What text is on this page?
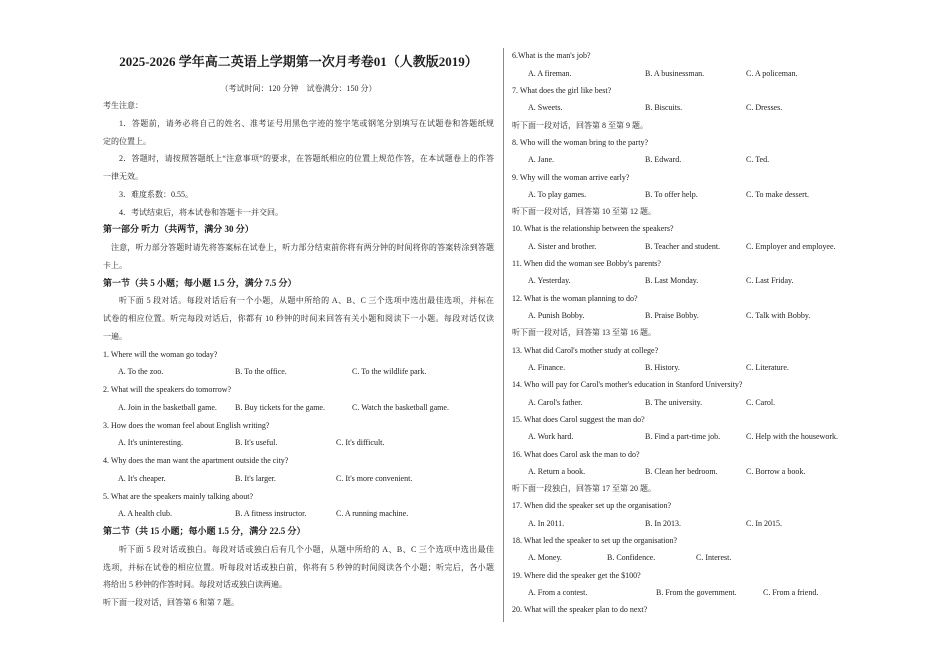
2025-2026 学年高二英语上学期第一次月考卷01（人教版2019）
（考试时间：120 分钟　试卷满分：150 分）
考生注意：
1．答题前，请务必将自己的姓名、准考证号用黑色字迹的签字笔或钢笔分别填写在试题卷和答题纸规
定的位置上。
2．答题时，请按照答题纸上“注意事项”的要求，在答题纸相应的位置上规范作答，在本试题卷上的作答
一律无效。
3．难度系数：0.55。
4．考试结束后，将本试卷和答题卡一并交回。
第一部分 听力（共两节，满分 30 分）
注意，听力部分答题时请先将答案标在试卷上，听力部分结束前你将有两分钟的时间将你的答案转涂到答题
卡上。
第一节（共 5 小题；每小题 1.5 分，满分 7.5 分）
听下面 5 段对话。每段对话后有一个小题，从题中所给的 A、B、C 三个选项中选出最佳选项，并标在
试卷的相应位置。听完每段对话后，你都有 10 秒钟的时间来回答有关小题和阅读下一小题。每段对话仅读
一遍。
1. Where will the woman go today?
A. To the zoo.	B. To the office.	C. To the wildlife park.
2. What will the speakers do tomorrow?
A. Join in the basketball game. B. Buy tickets for the game.	C. Watch the basketball game.
3. How does the woman feel about English writing?
A. It's uninteresting.	B. It's useful.	C. It's difficult.
4. Why does the man want the apartment outside the city?
A. It's cheaper.	B. It's larger.	C. It's more convenient.
5. What are the speakers mainly talking about?
A. A health club.	B. A fitness instructor.	C. A running machine.
第二节（共 15 小题；每小题 1.5 分，满分 22.5 分）
听下面 5 段对话或独白。每段对话或独白后有几个小题，从题中所给的 A、B、C 三个选项中选出最佳
选项，并标在试卷的相应位置。听每段对话或独白前，你将有 5 秒钟的时间阅读各个小题；听完后，各小题
将给出 5 秒钟的作答时间。每段对话或独白读两遍。
听下面一段对话，回答第 6 和第 7 题。
6.What is the man's job?
A. A fireman.	B. A businessman.	C. A policeman.
7. What does the girl like best?
A. Sweets.	B. Biscuits.	C. Dresses.
听下面一段对话，回答第 8 至第 9 题。
8. Who will the woman bring to the party?
A. Jane.	B. Edward.	C. Ted.
9. Why will the woman arrive early?
A. To play games.	B. To offer help.	C. To make dessert.
听下面一段对话，回答第 10 至第 12 题。
10. What is the relationship between the speakers?
A. Sister and brother.	B. Teacher and student.	C. Employer and employee.
11. When did the woman see Bobby's parents?
A. Yesterday.	B. Last Monday.	C. Last Friday.
12. What is the woman planning to do?
A. Punish Bobby.	B. Praise Bobby.	C. Talk with Bobby.
听下面一段对话，回答第 13 至第 16 题。
13. What did Carol's mother study at college?
A. Finance.	B. History.	C. Literature.
14. Who will pay for Carol's mother's education in Stanford University?
A. Carol's father.	B. The university.	C. Carol.
15. What does Carol suggest the man do?
A. Work hard.	B. Find a part-time job.	C. Help with the housework.
16. What does Carol ask the man to do?
A. Return a book.	B. Clean her bedroom.	C. Borrow a book.
听下面一段独白，回答第 17 至第 20 题。
17. When did the speaker set up the organisation?
A. In 2011.	B. In 2013.	C. In 2015.
18. What led the speaker to set up the organisation?
A. Money.	B. Confidence.	C. Interest.
19. Where did the speaker get the $100?
A. From a contest.	B. From the government.	C. From a friend.
20. What will the speaker plan to do next?
